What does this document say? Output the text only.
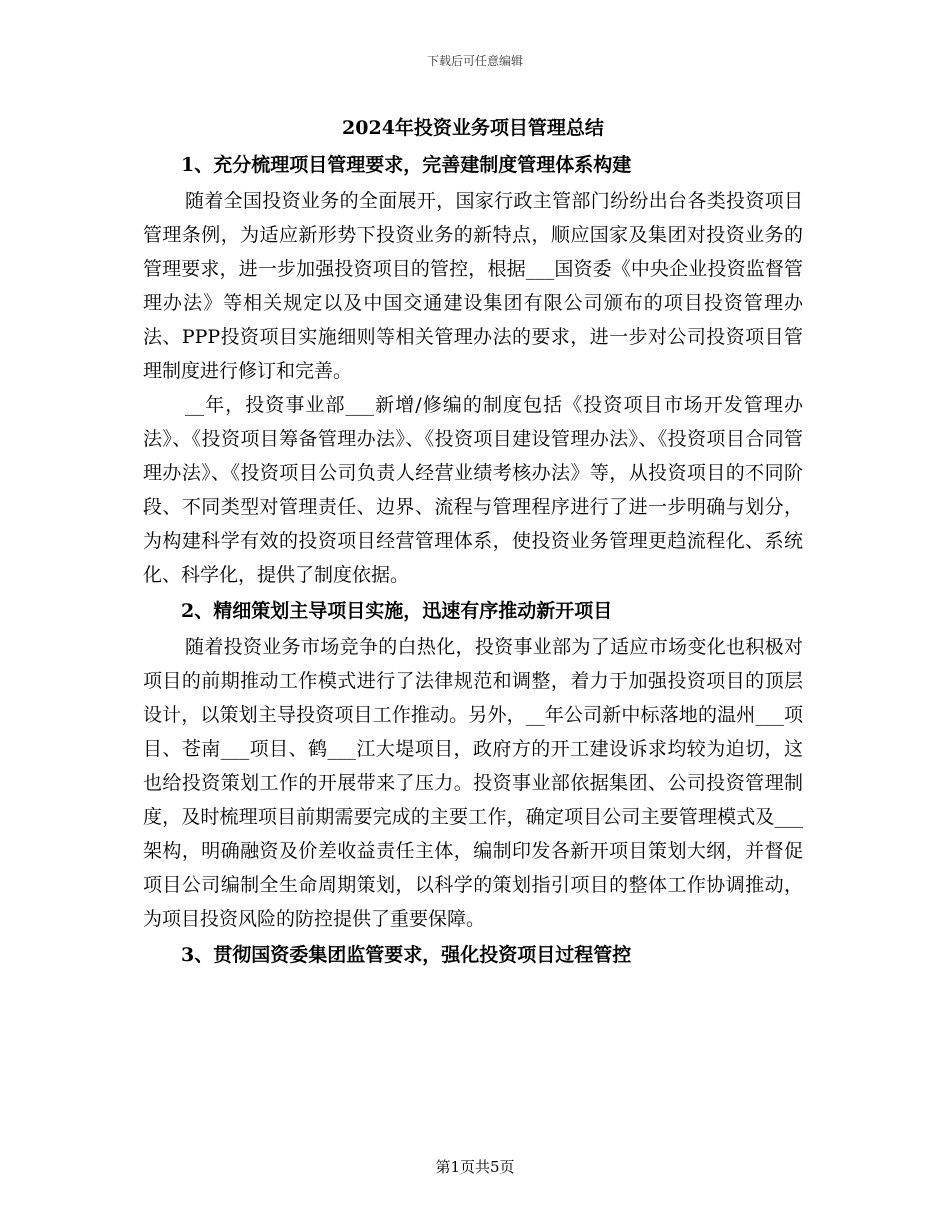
下载后可任意编辑
2024年投资业务项目管理总结
1、充分梳理项目管理要求，完善建制度管理体系构建

随着全国投资业务的全面展开，国家行政主管部门纷纷出台各类投资项目管理条例，为适应新形势下投资业务的新特点，顺应国家及集团对投资业务的管理要求，进一步加强投资项目的管控，根据___国资委《中央企业投资监督管理办法》等相关规定以及中国交通建设集团有限公司颁布的项目投资管理办法、PPP投资项目实施细则等相关管理办法的要求，进一步对公司投资项目管理制度进行修订和完善。

__年，投资事业部___新增/修编的制度包括《投资项目市场开发管理办法》、《投资项目筹备管理办法》、《投资项目建设管理办法》、《投资项目合同管理办法》、《投资项目公司负责人经营业绩考核办法》等，从投资项目的不同阶段、不同类型对管理责任、边界、流程与管理程序进行了进一步明确与划分，为构建科学有效的投资项目经营管理体系，使投资业务管理更趋流程化、系统化、科学化，提供了制度依据。

2、精细策划主导项目实施，迅速有序推动新开项目

随着投资业务市场竞争的白热化，投资事业部为了适应市场变化也积极对项目的前期推动工作模式进行了法律规范和调整，着力于加强投资项目的顶层设计，以策划主导投资项目工作推动。另外，__年公司新中标落地的温州___项目、苍南___项目、鹤___江大堤项目，政府方的开工建设诉求均较为迫切，这也给投资策划工作的开展带来了压力。投资事业部依据集团、公司投资管理制度，及时梳理项目前期需要完成的主要工作，确定项目公司主要管理模式及___架构，明确融资及价差收益责任主体，编制印发各新开项目策划大纲，并督促项目公司编制全生命周期策划，以科学的策划指引项目的整体工作协调推动，为项目投资风险的防控提供了重要保障。

3、贯彻国资委集团监管要求，强化投资项目过程管控
第1页共5页
